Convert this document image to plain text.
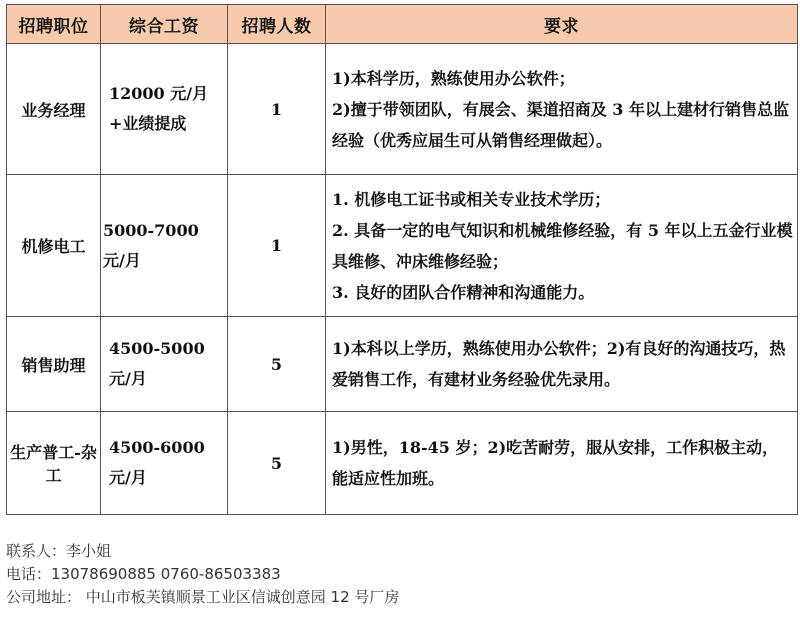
招聘职位	综合工资	招聘人数	要求
业务经理	12000 元/月+业绩提成	1	1)本科学历，熟练使用办公软件；
2)擅于带领团队，有展会、渠道招商及 3 年以上建材行销售总监经验（优秀应届生可从销售经理做起）。

机修电工	5000-7000 元/月	1	1. 机修电工证书或相关专业技术学历；
2. 具备一定的电气知识和机械维修经验，有 5 年以上五金行业模具维修、冲床维修经验；
3. 良好的团队合作精神和沟通能力。

销售助理	4500-5000 元/月	5	1)本科以上学历，熟练使用办公软件；2)有良好的沟通技巧，热爱销售工作，有建材业务经验优先录用。

生产普工-杂工	4500-6000 元/月	5	1)男性，18-45 岁；2)吃苦耐劳，服从安排，工作积极主动，能适应性加班。
联系人：李小姐
电话：13078690885 0760-86503383
公司地址： 中山市板芙镇顺景工业区信诚创意园 12 号厂房
